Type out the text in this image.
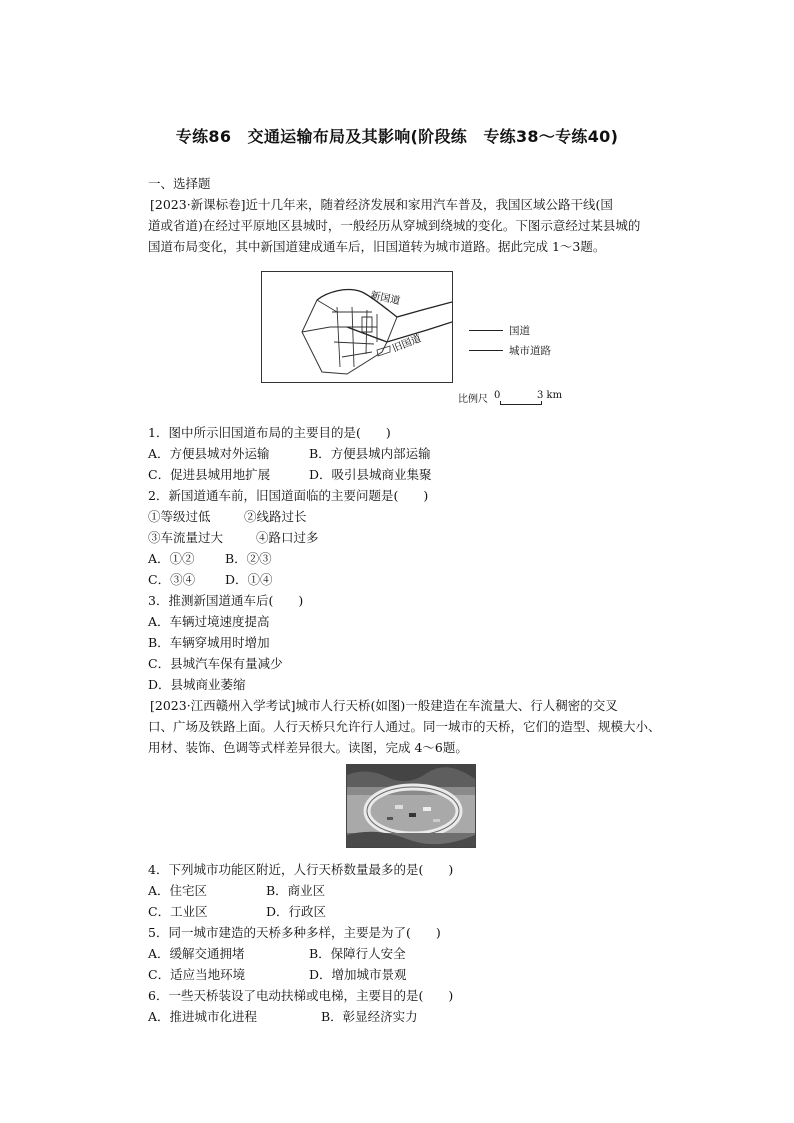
专练86　交通运输布局及其影响(阶段练　专练38～专练40)
一、选择题
[2023·新课标卷]近十几年来，随着经济发展和家用汽车普及，我国区域公路干线(国
道或省道)在经过平原地区县城时，一般经历从穿城到绕城的变化。下图示意经过某县城的
国道布局变化，其中新国道建成通车后，旧国道转为城市道路。据此完成 1～3题。
新国道
旧国道
国道
城市道路
比例尺 0	3 km
1．图中所示旧国道布局的主要目的是(　　)
A．方便县城对外运输	B．方便县城内部运输
C．促进县城用地扩展	D．吸引县城商业集聚
2．新国道通车前，旧国道面临的主要问题是(　　)
①等级过低	②线路过长
③车流量过大	④路口过多
A．①② B．②③
C．③④ D．①④
3．推测新国道通车后(　　)
A．车辆过境速度提高
B．车辆穿城用时增加
C．县城汽车保有量减少
D．县城商业萎缩
[2023·江西赣州入学考试]城市人行天桥(如图)一般建造在车流量大、行人稠密的交叉
口、广场及铁路上面。人行天桥只允许行人通过。同一城市的天桥，它们的造型、规模大小、
用材、装饰、色调等式样差异很大。读图，完成 4～6题。
4．下列城市功能区附近，人行天桥数量最多的是(　　)
A．住宅区	B．商业区
C．工业区	D．行政区
5．同一城市建造的天桥多种多样，主要是为了(　　)
A．缓解交通拥堵	B．保障行人安全
C．适应当地环境	D．增加城市景观
6．一些天桥装设了电动扶梯或电梯，主要目的是(　　)
A．推进城市化进程	B．彰显经济实力
